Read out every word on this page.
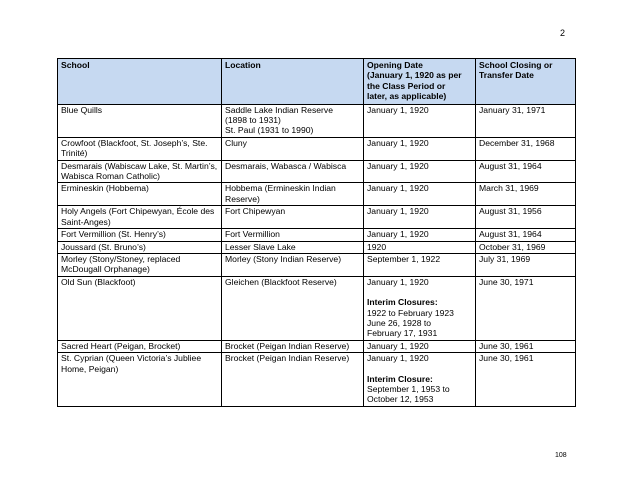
2
School	Location	Opening Date
(January 1, 1920 as per
the Class Period or
later, as applicable)	School Closing or
Transfer Date

Blue Quills	Saddle Lake Indian Reserve
(1898 to 1931)
St. Paul (1931 to 1990)	January 1, 1920	January 31, 1971
Crowfoot (Blackfoot, St. Joseph’s, Ste. Trinité)	Cluny	January 1, 1920	December 31, 1968
Desmarais (Wabiscaw Lake, St. Martin’s, Wabisca Roman Catholic)	Desmarais, Wabasca / Wabisca	January 1, 1920	August 31, 1964
Ermineskin (Hobbema)	Hobbema (Ermineskin Indian Reserve)	January 1, 1920	March 31, 1969
Holy Angels (Fort Chipewyan, École des Saint-Anges)	Fort Chipewyan	January 1, 1920	August 31, 1956
Fort Vermillion (St. Henry’s)	Fort Vermillion	January 1, 1920	August 31, 1964
Joussard (St. Bruno’s)	Lesser Slave Lake	1920	October 31, 1969
Morley (Stony/Stoney, replaced McDougall Orphanage)	Morley (Stony Indian Reserve)	September 1, 1922	July 31, 1969
Old Sun (Blackfoot)	Gleichen (Blackfoot Reserve)	January 1, 1920
Interim Closures:
1922 to February 1923
June 26, 1928 to
February 17, 1931	June 30, 1971
Sacred Heart (Peigan, Brocket)	Brocket (Peigan Indian Reserve)	January 1, 1920	June 30, 1961
St. Cyprian (Queen Victoria’s Jubliee Home, Peigan)	Brocket (Peigan Indian Reserve)	January 1, 1920
Interim Closure:
September 1, 1953 to
October 12, 1953	June 30, 1961
108
